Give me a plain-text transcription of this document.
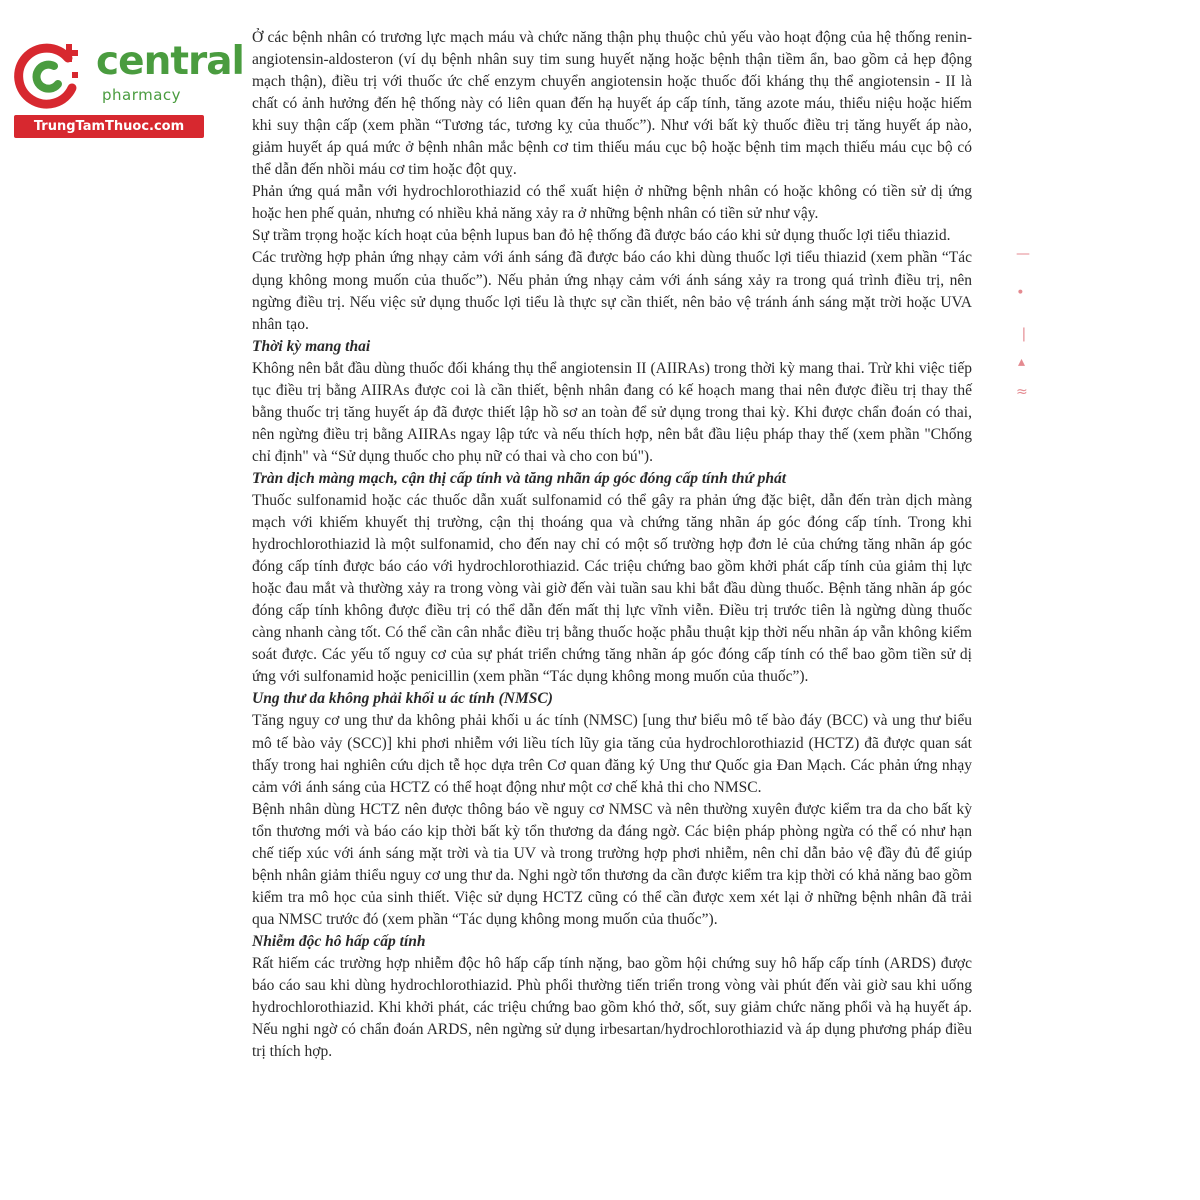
central
pharmacy
TrungTamThuoc.com

Ở các bệnh nhân có trương lực mạch máu và chức năng thận phụ thuộc chủ yếu vào hoạt động của hệ thống renin-angiotensin-aldosteron (ví dụ bệnh nhân suy tim sung huyết nặng hoặc bệnh thận tiềm ẩn, bao gồm cả hẹp động mạch thận), điều trị với thuốc ức chế enzym chuyển angiotensin hoặc thuốc đối kháng thụ thể angiotensin - II là chất có ảnh hưởng đến hệ thống này có liên quan đến hạ huyết áp cấp tính, tăng azote máu, thiểu niệu hoặc hiếm khi suy thận cấp (xem phần “Tương tác, tương kỵ của thuốc”). Như với bất kỳ thuốc điều trị tăng huyết áp nào, giảm huyết áp quá mức ở bệnh nhân mắc bệnh cơ tim thiếu máu cục bộ hoặc bệnh tim mạch thiếu máu cục bộ có thể dẫn đến nhồi máu cơ tim hoặc đột quỵ.

Phản ứng quá mẫn với hydrochlorothiazid có thể xuất hiện ở những bệnh nhân có hoặc không có tiền sử dị ứng hoặc hen phế quản, nhưng có nhiều khả năng xảy ra ở những bệnh nhân có tiền sử như vậy.

Sự trầm trọng hoặc kích hoạt của bệnh lupus ban đỏ hệ thống đã được báo cáo khi sử dụng thuốc lợi tiểu thiazid.

Các trường hợp phản ứng nhạy cảm với ánh sáng đã được báo cáo khi dùng thuốc lợi tiểu thiazid (xem phần “Tác dụng không mong muốn của thuốc”). Nếu phản ứng nhạy cảm với ánh sáng xảy ra trong quá trình điều trị, nên ngừng điều trị. Nếu việc sử dụng thuốc lợi tiểu là thực sự cần thiết, nên bảo vệ tránh ánh sáng mặt trời hoặc UVA nhân tạo.

Thời kỳ mang thai

Không nên bắt đầu dùng thuốc đối kháng thụ thể angiotensin II (AIIRAs) trong thời kỳ mang thai. Trừ khi việc tiếp tục điều trị bằng AIIRAs được coi là cần thiết, bệnh nhân đang có kế hoạch mang thai nên được điều trị thay thế bằng thuốc trị tăng huyết áp đã được thiết lập hồ sơ an toàn để sử dụng trong thai kỳ. Khi được chẩn đoán có thai, nên ngừng điều trị bằng AIIRAs ngay lập tức và nếu thích hợp, nên bắt đầu liệu pháp thay thế (xem phần "Chống chỉ định" và “Sử dụng thuốc cho phụ nữ có thai và cho con bú").

Tràn dịch màng mạch, cận thị cấp tính và tăng nhãn áp góc đóng cấp tính thứ phát

Thuốc sulfonamid hoặc các thuốc dẫn xuất sulfonamid có thể gây ra phản ứng đặc biệt, dẫn đến tràn dịch màng mạch với khiếm khuyết thị trường, cận thị thoáng qua và chứng tăng nhãn áp góc đóng cấp tính. Trong khi hydrochlorothiazid là một sulfonamid, cho đến nay chỉ có một số trường hợp đơn lẻ của chứng tăng nhãn áp góc đóng cấp tính được báo cáo với hydrochlorothiazid. Các triệu chứng bao gồm khởi phát cấp tính của giảm thị lực hoặc đau mắt và thường xảy ra trong vòng vài giờ đến vài tuần sau khi bắt đầu dùng thuốc. Bệnh tăng nhãn áp góc đóng cấp tính không được điều trị có thể dẫn đến mất thị lực vĩnh viễn. Điều trị trước tiên là ngừng dùng thuốc càng nhanh càng tốt. Có thể cần cân nhắc điều trị bằng thuốc hoặc phẫu thuật kịp thời nếu nhãn áp vẫn không kiểm soát được. Các yếu tố nguy cơ của sự phát triển chứng tăng nhãn áp góc đóng cấp tính có thể bao gồm tiền sử dị ứng với sulfonamid hoặc penicillin (xem phần “Tác dụng không mong muốn của thuốc”).

Ung thư da không phải khối u ác tính (NMSC)

Tăng nguy cơ ung thư da không phải khối u ác tính (NMSC) [ung thư biểu mô tế bào đáy (BCC) và ung thư biểu mô tế bào vảy (SCC)] khi phơi nhiễm với liều tích lũy gia tăng của hydrochlorothiazid (HCTZ) đã được quan sát thấy trong hai nghiên cứu dịch tễ học dựa trên Cơ quan đăng ký Ung thư Quốc gia Đan Mạch. Các phản ứng nhạy cảm với ánh sáng của HCTZ có thể hoạt động như một cơ chế khả thi cho NMSC.

Bệnh nhân dùng HCTZ nên được thông báo về nguy cơ NMSC và nên thường xuyên được kiểm tra da cho bất kỳ tổn thương mới và báo cáo kịp thời bất kỳ tổn thương da đáng ngờ. Các biện pháp phòng ngừa có thể có như hạn chế tiếp xúc với ánh sáng mặt trời và tia UV và trong trường hợp phơi nhiễm, nên chỉ dẫn bảo vệ đầy đủ để giúp bệnh nhân giảm thiểu nguy cơ ung thư da. Nghi ngờ tổn thương da cần được kiểm tra kịp thời có khả năng bao gồm kiểm tra mô học của sinh thiết. Việc sử dụng HCTZ cũng có thể cần được xem xét lại ở những bệnh nhân đã trải qua NMSC trước đó (xem phần “Tác dụng không mong muốn của thuốc”).

Nhiễm độc hô hấp cấp tính

Rất hiếm các trường hợp nhiễm độc hô hấp cấp tính nặng, bao gồm hội chứng suy hô hấp cấp tính (ARDS) được báo cáo sau khi dùng hydrochlorothiazid. Phù phổi thường tiến triển trong vòng vài phút đến vài giờ sau khi uống hydrochlorothiazid. Khi khởi phát, các triệu chứng bao gồm khó thở, sốt, suy giảm chức năng phổi và hạ huyết áp. Nếu nghi ngờ có chẩn đoán ARDS, nên ngừng sử dụng irbesartan/hydrochlorothiazid và áp dụng phương pháp điều trị thích hợp.

—
∙
❘
▴
≈
